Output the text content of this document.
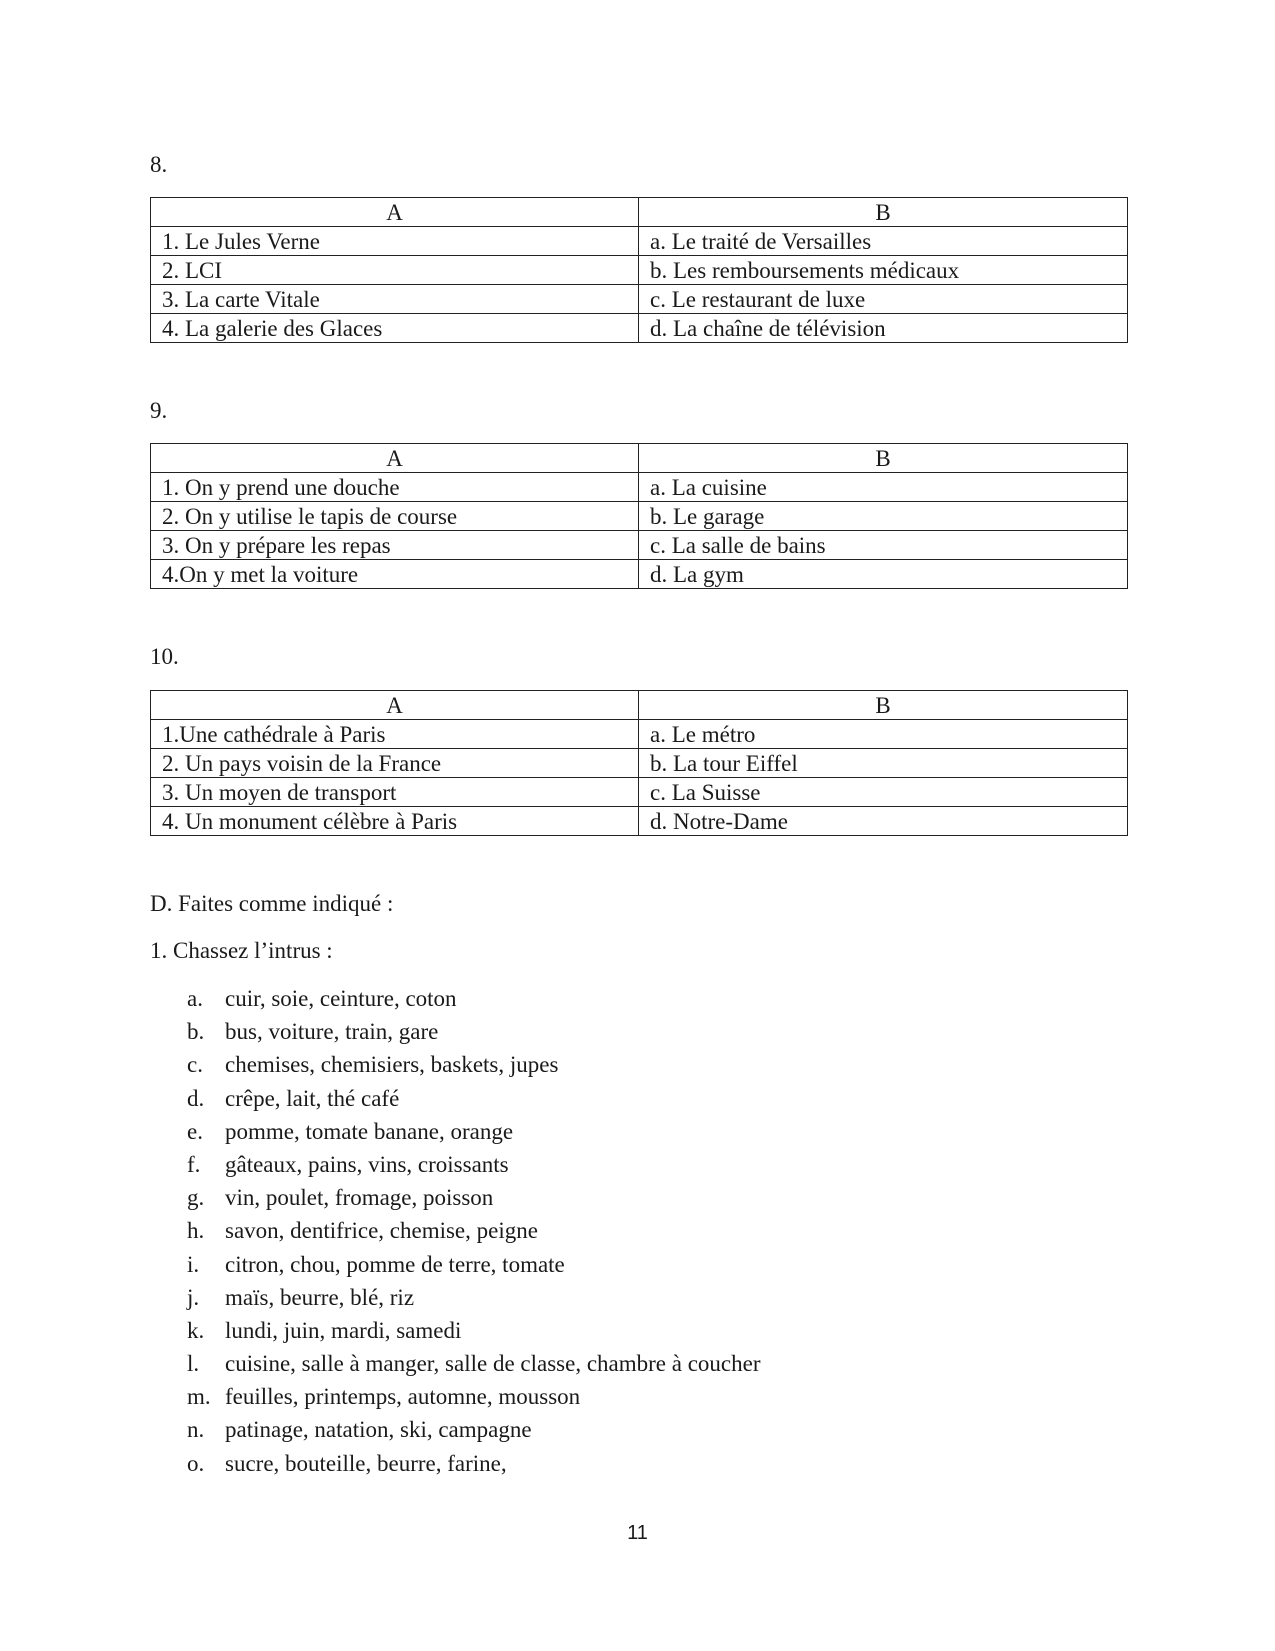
8.
A	B
1. Le Jules Verne	a. Le traité de Versailles
2. LCI	b. Les remboursements médicaux
3. La carte Vitale	c. Le restaurant de luxe
4. La galerie des Glaces	d. La chaîne de télévision
9.
A	B
1. On y prend une douche	a. La cuisine
2. On y utilise le tapis de course	b. Le garage
3. On y prépare les repas	c. La salle de bains
4.On y met la voiture	d. La gym
10.
A	B
1.Une cathédrale à Paris	a. Le métro
2. Un pays voisin de la France	b. La tour Eiffel
3. Un moyen de transport	c. La Suisse
4. Un monument célèbre à Paris	d. Notre-Dame
D. Faites comme indiqué :
1. Chassez l’intrus :
a. cuir, soie, ceinture, coton
b. bus, voiture, train, gare
c. chemises, chemisiers, baskets, jupes
d. crêpe, lait, thé café
e. pomme, tomate banane, orange
f.	gâteaux, pains, vins, croissants
g. vin, poulet, fromage, poisson
h. savon, dentifrice, chemise, peigne
i.	citron, chou, pomme de terre, tomate
j.	maïs, beurre, blé, riz
k. lundi, juin, mardi, samedi
l.	cuisine, salle à manger, salle de classe, chambre à coucher
m. feuilles, printemps, automne, mousson
n. patinage, natation, ski, campagne
o. sucre, bouteille, beurre, farine,
11
